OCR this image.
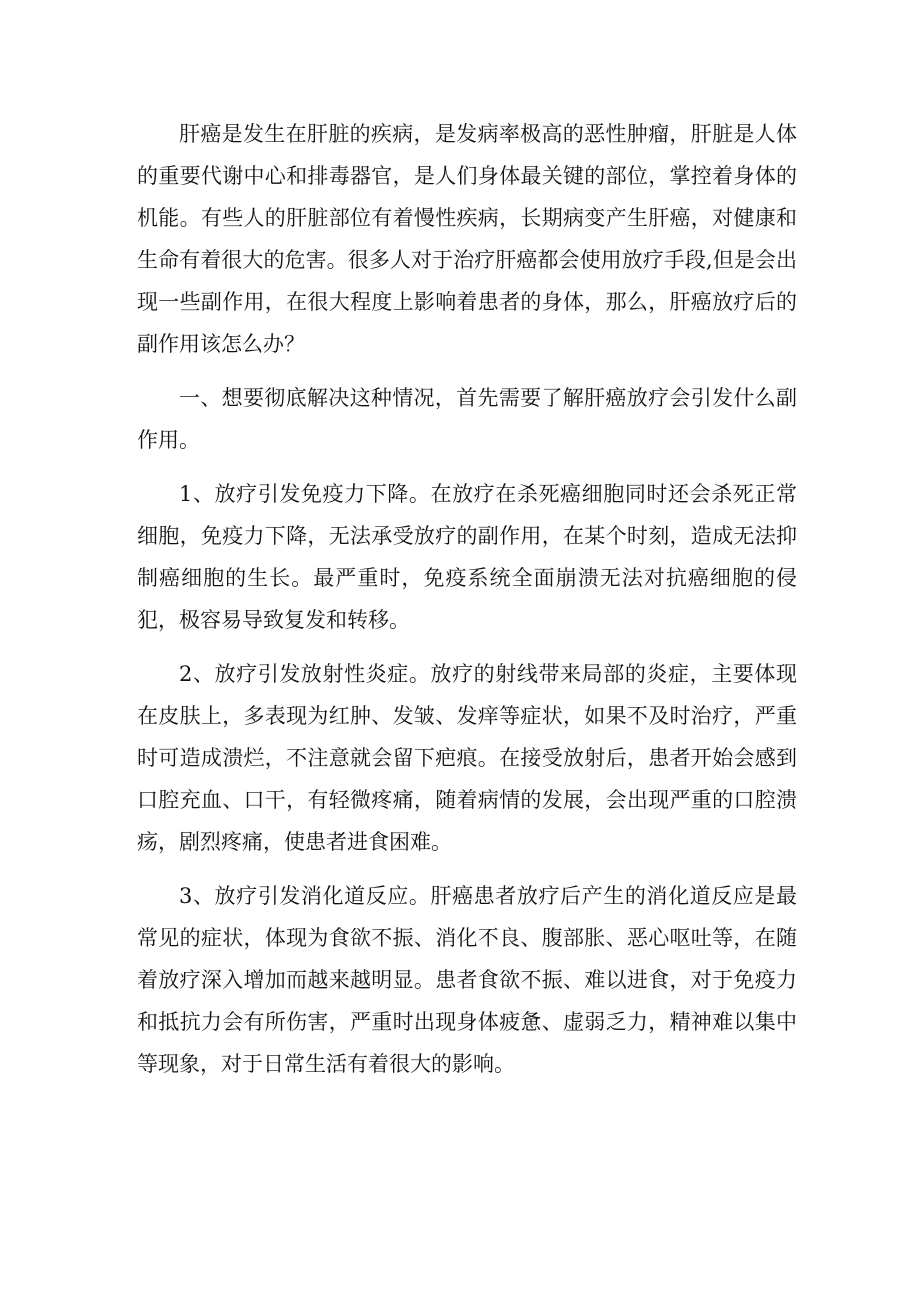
肝癌是发生在肝脏的疾病，是发病率极高的恶性肿瘤，肝脏是人体的重要代谢中心和排毒器官，是人们身体最关键的部位，掌控着身体的机能。有些人的肝脏部位有着慢性疾病，长期病变产生肝癌，对健康和生命有着很大的危害。很多人对于治疗肝癌都会使用放疗手段,但是会出现一些副作用，在很大程度上影响着患者的身体，那么，肝癌放疗后的副作用该怎么办？

一、想要彻底解决这种情况，首先需要了解肝癌放疗会引发什么副作用。

1、放疗引发免疫力下降。在放疗在杀死癌细胞同时还会杀死正常细胞，免疫力下降，无法承受放疗的副作用，在某个时刻，造成无法抑制癌细胞的生长。最严重时，免疫系统全面崩溃无法对抗癌细胞的侵犯，极容易导致复发和转移。

2、放疗引发放射性炎症。放疗的射线带来局部的炎症，主要体现在皮肤上，多表现为红肿、发皱、发痒等症状，如果不及时治疗，严重时可造成溃烂，不注意就会留下疤痕。在接受放射后，患者开始会感到口腔充血、口干，有轻微疼痛，随着病情的发展，会出现严重的口腔溃疡，剧烈疼痛，使患者进食困难。

3、放疗引发消化道反应。肝癌患者放疗后产生的消化道反应是最常见的症状，体现为食欲不振、消化不良、腹部胀、恶心呕吐等，在随着放疗深入增加而越来越明显。患者食欲不振、难以进食，对于免疫力和抵抗力会有所伤害，严重时出现身体疲惫、虚弱乏力，精神难以集中等现象，对于日常生活有着很大的影响。
